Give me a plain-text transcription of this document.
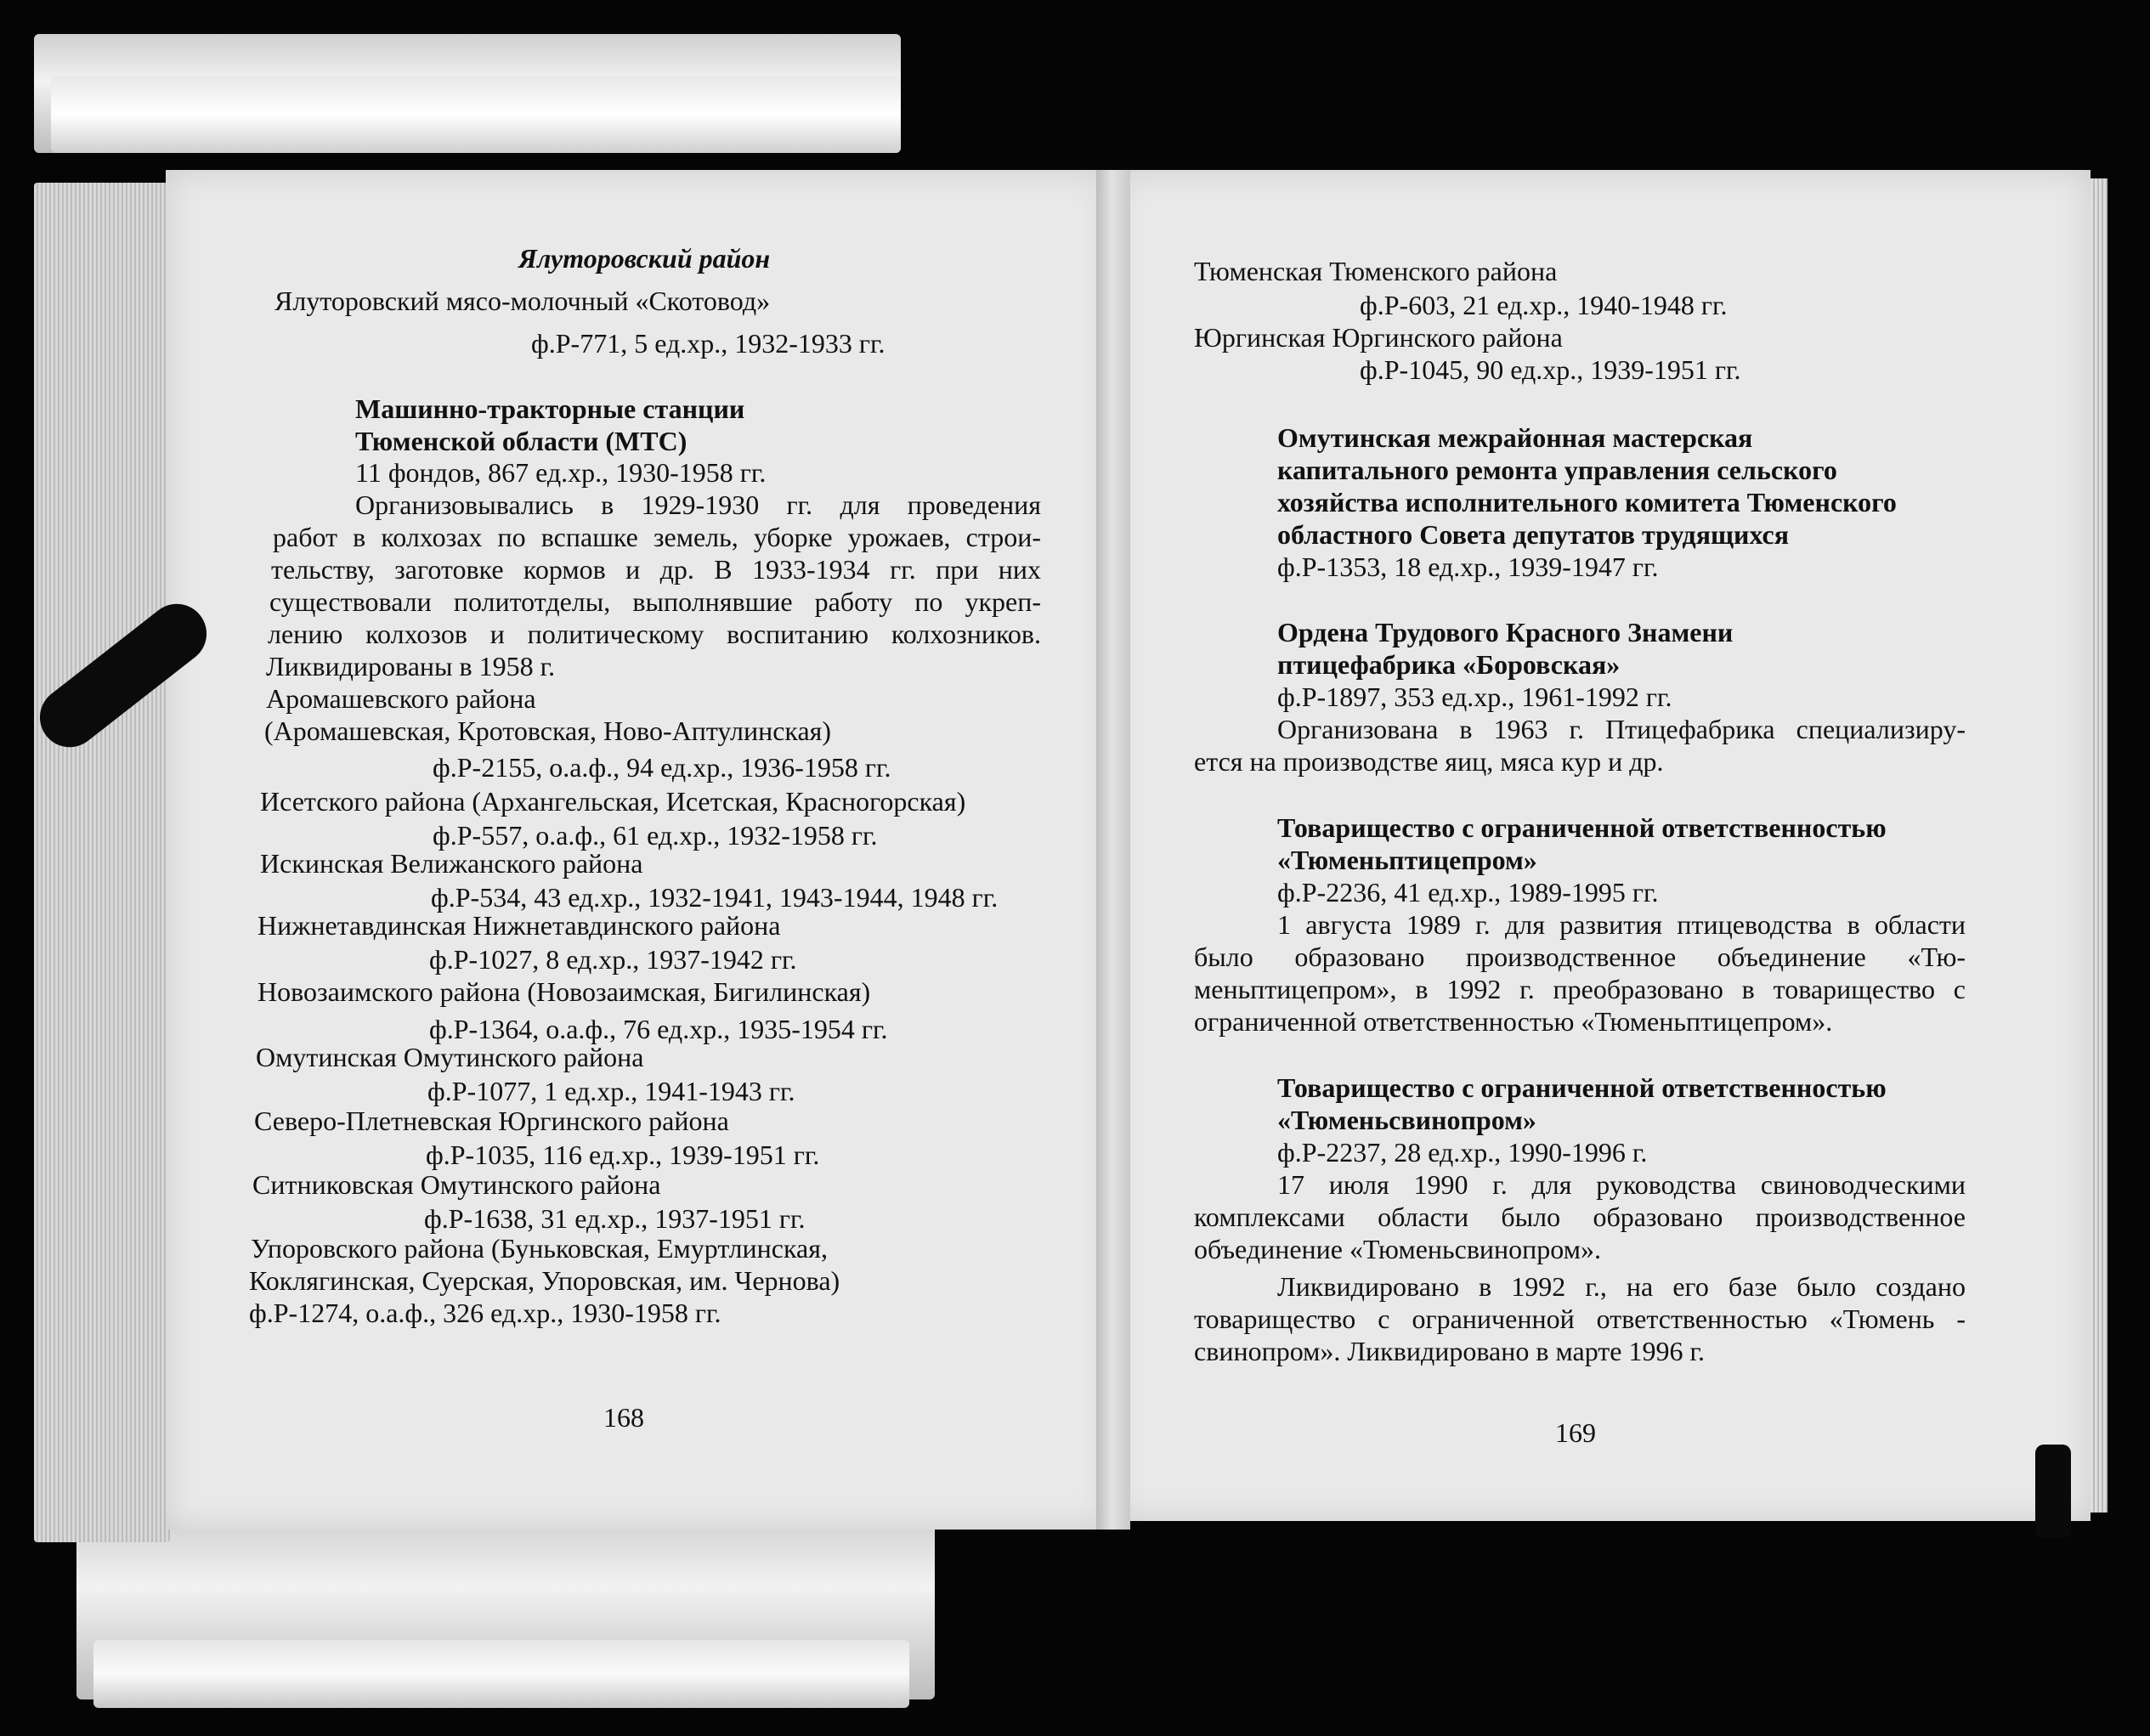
Ялуторовский район
Ялуторовский мясо-молочный «Скотовод»
ф.Р-771, 5 ед.хр., 1932-1933 гг.
Машинно-тракторные станции
Тюменской области (МТС)
11 фондов, 867 ед.хр., 1930-1958 гг.
Организовывались в 1929-1930 гг. для проведения
работ в колхозах по вспашке земель, уборке урожаев, строи-
тельству, заготовке кормов и др. В 1933-1934 гг. при них
существовали политотделы, выполнявшие работу по укреп-
лению колхозов и политическому воспитанию колхозников.
Ликвидированы в 1958 г.
Аромашевского района
(Аромашевская, Кротовская, Ново-Аптулинская)
ф.Р-2155, о.а.ф., 94 ед.хр., 1936-1958 гг.
Исетского района (Архангельская, Исетская, Красногорская)
ф.Р-557, о.а.ф., 61 ед.хр., 1932-1958 гг.
Искинская Велижанского района
ф.Р-534, 43 ед.хр., 1932-1941, 1943-1944, 1948 гг.
Нижнетавдинская Нижнетавдинского района
ф.Р-1027, 8 ед.хр., 1937-1942 гг.
Новозаимского района (Новозаимская, Бигилинская)
ф.Р-1364, о.а.ф., 76 ед.хр., 1935-1954 гг.
Омутинская Омутинского района
ф.Р-1077, 1 ед.хр., 1941-1943 гг.
Северо-Плетневская Юргинского района
ф.Р-1035, 116 ед.хр., 1939-1951 гг.
Ситниковская Омутинского района
ф.Р-1638, 31 ед.хр., 1937-1951 гг.
Упоровского района (Буньковская, Емуртлинская,
Коклягинская, Суерская, Упоровская, им. Чернова)
ф.Р-1274, о.а.ф., 326 ед.хр., 1930-1958 гг.
168
Тюменская Тюменского района
ф.Р-603, 21 ед.хр., 1940-1948 гг.
Юргинская Юргинского района
ф.Р-1045, 90 ед.хр., 1939-1951 гг.
Омутинская межрайонная мастерская
капитального ремонта управления сельского
хозяйства исполнительного комитета Тюменского
областного Совета депутатов трудящихся
ф.Р-1353, 18 ед.хр., 1939-1947 гг.
Ордена Трудового Красного Знамени
птицефабрика «Боровская»
ф.Р-1897, 353 ед.хр., 1961-1992 гг.
Организована в 1963 г. Птицефабрика специализиру-
ется на производстве яиц, мяса кур и др.
Товарищество с ограниченной ответственностью
«Тюменьптицепром»
ф.Р-2236, 41 ед.хр., 1989-1995 гг.
1 августа 1989 г. для развития птицеводства в области
было образовано производственное объединение «Тю-
меньптицепром», в 1992 г. преобразовано в товарищество с
ограниченной ответственностью «Тюменьптицепром».
Товарищество с ограниченной ответственностью
«Тюменьсвинопром»
ф.Р-2237, 28 ед.хр., 1990-1996 г.
17 июля 1990 г. для руководства свиноводческими
комплексами области было образовано производственное
объединение «Тюменьсвинопром».
Ликвидировано в 1992 г., на его базе было создано
товарищество с ограниченной ответственностью «Тюмень -
свинопром». Ликвидировано в марте 1996 г.
169
